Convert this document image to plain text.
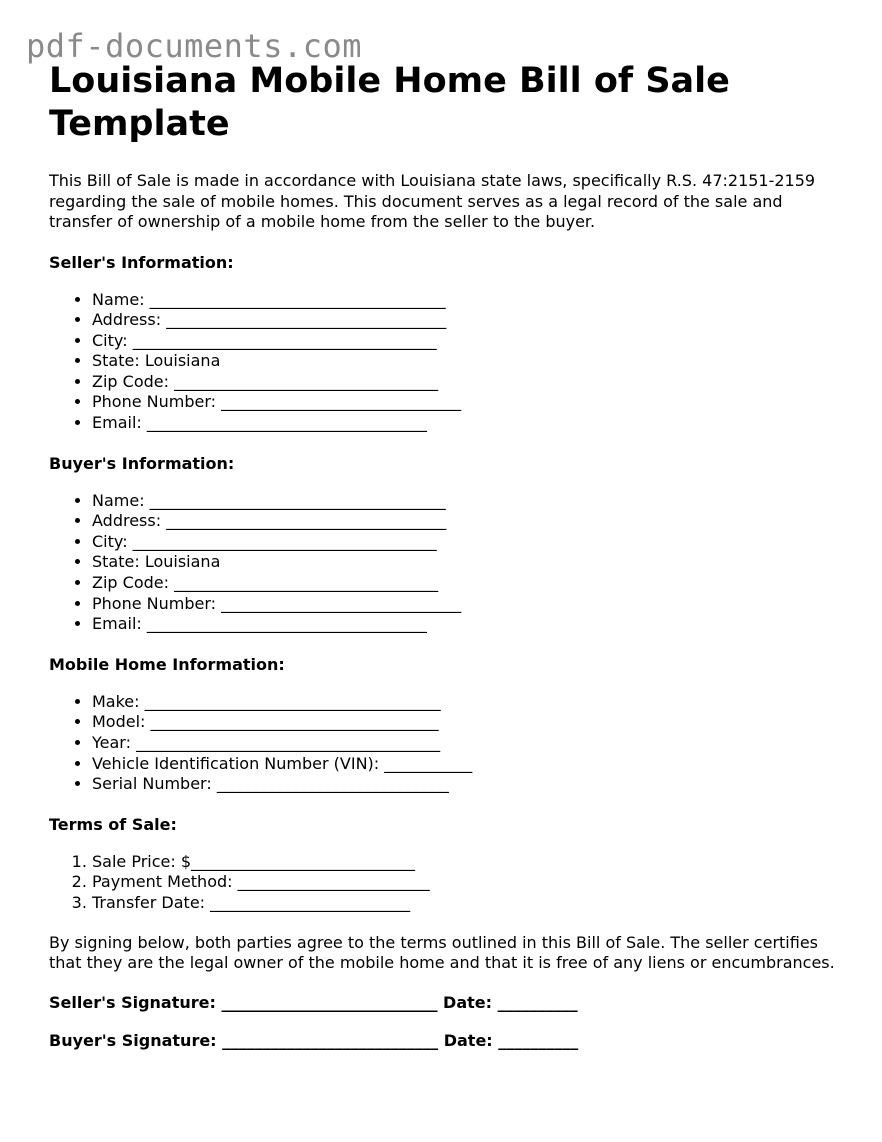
pdf-documents.com
Louisiana Mobile Home Bill of Sale Template

This Bill of Sale is made in accordance with Louisiana state laws, specifically R.S. 47:2151-2159 regarding the sale of mobile homes. This document serves as a legal record of the sale and transfer of ownership of a mobile home from the seller to the buyer.

Seller's Information:

• Name: _____________________________________
• Address: ___________________________________
• City: ______________________________________
• State: Louisiana
• Zip Code: _________________________________
• Phone Number: ______________________________
• Email: ___________________________________

Buyer's Information:

• Name: _____________________________________
• Address: ___________________________________
• City: ______________________________________
• State: Louisiana
• Zip Code: _________________________________
• Phone Number: ______________________________
• Email: ___________________________________

Mobile Home Information:

• Make: _____________________________________
• Model: ____________________________________
• Year: ______________________________________
• Vehicle Identification Number (VIN): ___________
• Serial Number: _____________________________

Terms of Sale:

1. Sale Price: $____________________________
2. Payment Method: ________________________
3. Transfer Date: _________________________

By signing below, both parties agree to the terms outlined in this Bill of Sale. The seller certifies that they are the legal owner of the mobile home and that it is free of any liens or encumbrances.

Seller's Signature: ___________________________ Date: __________

Buyer's Signature: ___________________________ Date: __________
